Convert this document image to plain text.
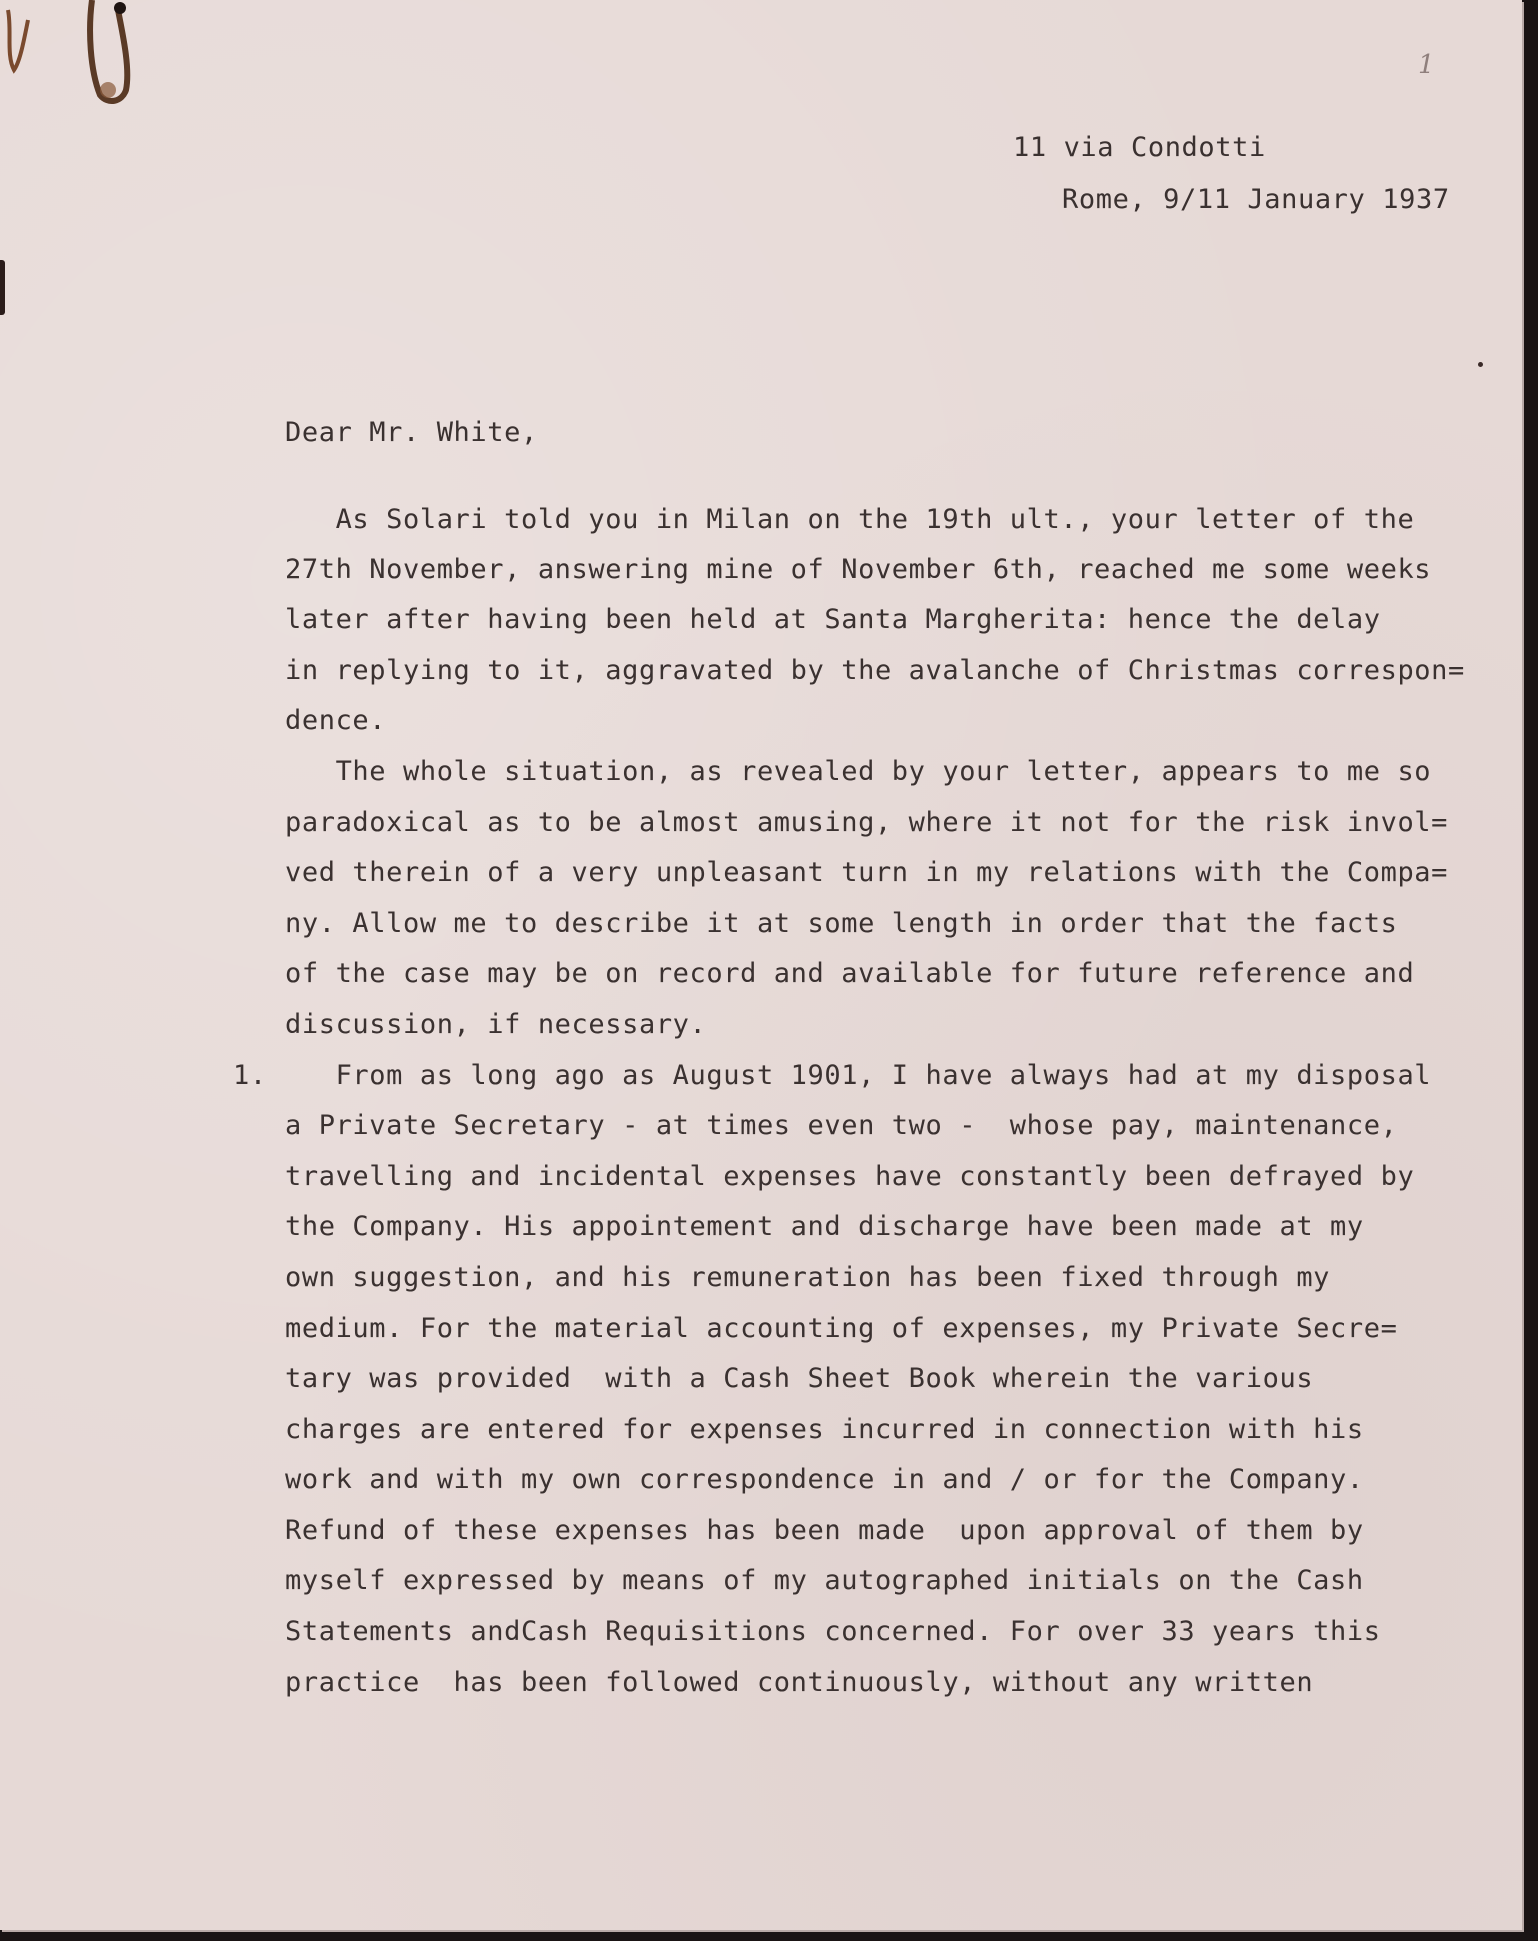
1
11 via Condotti
Rome, 9/11 January 1937
Dear Mr. White,
As Solari told you in Milan on the 19th ult., your letter of the
27th November, answering mine of November 6th, reached me some weeks
later after having been held at Santa Margherita: hence the delay
in replying to it, aggravated by the avalanche of Christmas correspon=
dence.
The whole situation, as revealed by your letter, appears to me so
paradoxical as to be almost amusing, where it not for the risk invol=
ved therein of a very unpleasant turn in my relations with the Compa=
ny. Allow me to describe it at some length in order that the facts
of the case may be on record and available for future reference and
discussion, if necessary.
1. From as long ago as August 1901, I have always had at my disposal
a Private Secretary - at times even two -  whose pay, maintenance,
travelling and incidental expenses have constantly been defrayed by
the Company. His appointement and discharge have been made at my
own suggestion, and his remuneration has been fixed through my
medium. For the material accounting of expenses, my Private Secre=
tary was provided  with a Cash Sheet Book wherein the various
charges are entered for expenses incurred in connection with his
work and with my own correspondence in and / or for the Company.
Refund of these expenses has been made  upon approval of them by
myself expressed by means of my autographed initials on the Cash
Statements andCash Requisitions concerned. For over 33 years this
practice  has been followed continuously, without any written
